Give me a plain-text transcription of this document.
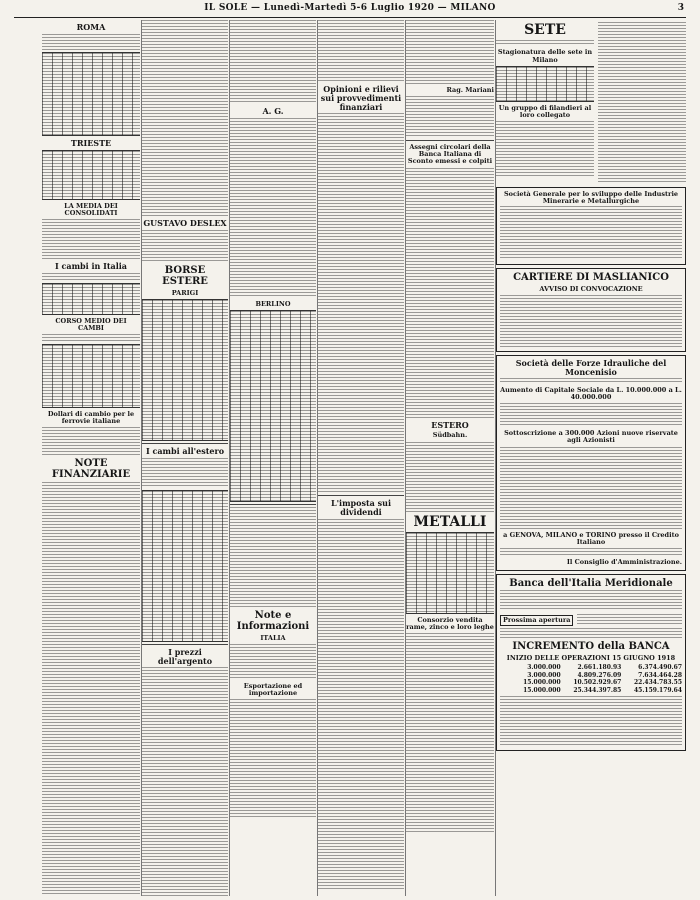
IL SOLE — Lunedì-Martedì 5-6 Luglio 1920 — MILANO	3
ROMA
TRIESTE
LA MEDIA DEI CONSOLIDATI
I cambi in Italia
CORSO MEDIO DEI CAMBI
Dollari di cambio per le ferrovie italiane
NOTE FINANZIARIE
GUSTAVO DESLEX
BORSE ESTERE
PARIGI
I cambi all'estero
I prezzi dell'argento
A. G.
BERLINO
Note e Informazioni
ITALIA
Esportazione ed importazione
Opinioni e rilievi sui provvedimenti finanziari
L'imposta sui dividendi
Rag. Mariani
Assegni circolari della Banca Italiana di Sconto emessi e colpiti
ESTERO
Südbahn.
METALLI
Consorzio vendita rame, zinco e loro leghe
SETE
Stagionatura delle sete in Milano
Un gruppo di filandieri al loro collegato
Società Generale per lo sviluppo delle Industrie Minerarie e Metallurgiche
CARTIERE DI MASLIANICO
AVVISO DI CONVOCAZIONE
Società delle Forze Idrauliche del Moncenisio
Aumento di Capitale Sociale da L. 10.000.000 a L. 40.000.000
Sottoscrizione a 300.000 Azioni nuove riservate agli Azionisti
a GENOVA, MILANO e TORINO presso il Credito Italiano
Il Consiglio d'Amministrazione.
Banca dell'Italia Meridionale
Prossima apertura
INCREMENTO della BANCA
INIZIO DELLE OPERAZIONI 15 GIUGNO 1918
3.000.000	2.661.180.93	6.374.490.67
3.000.000	4.809.276.09	7.634.464.28
15.000.000	10.502.929.67	22.434.783.55
15.000.000	25.344.397.85	45.159.179.64
